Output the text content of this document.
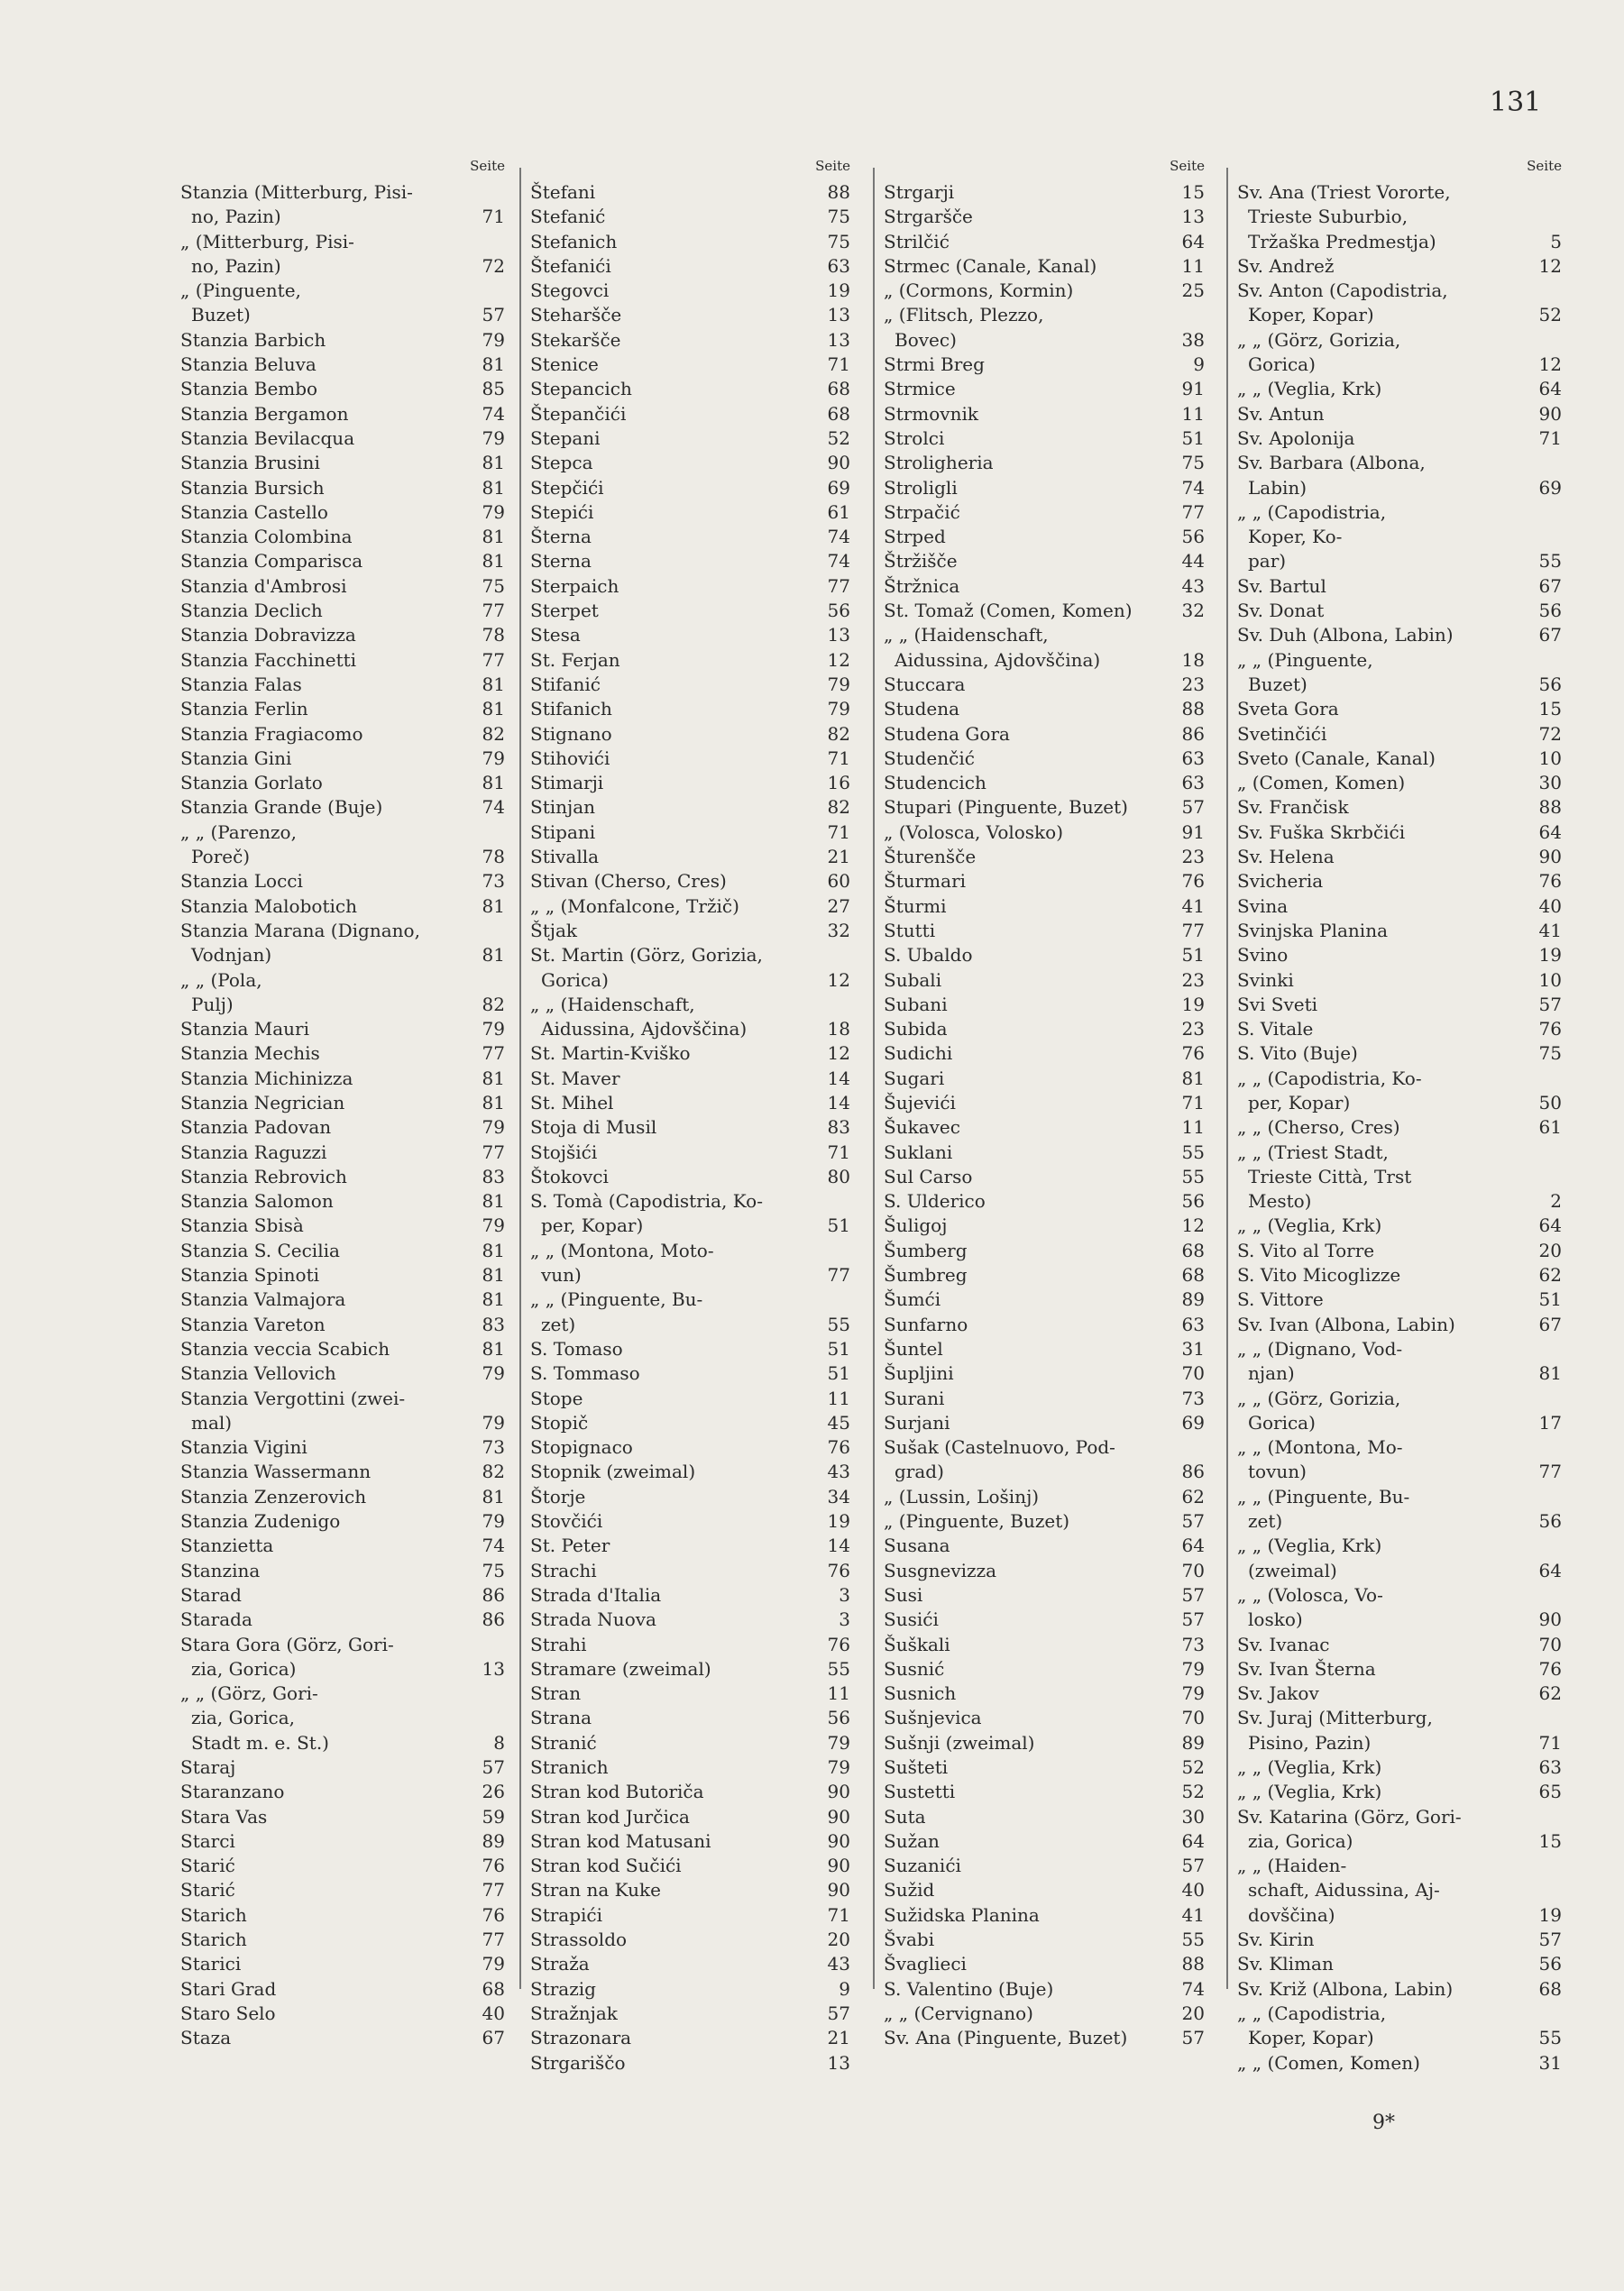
131
Seite
Stanzia (Mitterburg, Pisi-
no, Pazin)	71
„ (Mitterburg, Pisi-
no, Pazin)	72
„ (Pinguente,
Buzet)	57
Stanzia Barbich	79
Stanzia Beluva	81
Stanzia Bembo	85
Stanzia Bergamon	74
Stanzia Bevilacqua	79
Stanzia Brusini	81
Stanzia Bursich	81
Stanzia Castello	79
Stanzia Colombina	81
Stanzia Comparisca	81
Stanzia d'Ambrosi	75
Stanzia Declich	77
Stanzia Dobravizza	78
Stanzia Facchinetti	77
Stanzia Falas	81
Stanzia Ferlin	81
Stanzia Fragiacomo	82
Stanzia Gini	79
Stanzia Gorlato	81
Stanzia Grande (Buje)	74
„ „ (Parenzo,
Poreč)	78
Stanzia Locci	73
Stanzia Malobotich	81
Stanzia Marana (Dignano,
Vodnjan)	81
„ „ (Pola,
Pulj)	82
Stanzia Mauri	79
Stanzia Mechis	77
Stanzia Michinizza	81
Stanzia Negrician	81
Stanzia Padovan	79
Stanzia Raguzzi	77
Stanzia Rebrovich	83
Stanzia Salomon	81
Stanzia Sbisà	79
Stanzia S. Cecilia	81
Stanzia Spinoti	81
Stanzia Valmajora	81
Stanzia Vareton	83
Stanzia veccia Scabich	81
Stanzia Vellovich	79
Stanzia Vergottini (zwei-
mal)	79
Stanzia Vigini	73
Stanzia Wassermann	82
Stanzia Zenzerovich	81
Stanzia Zudenigo	79
Stanzietta	74
Stanzina	75
Starad	86
Starada	86
Stara Gora (Görz, Gori-
zia, Gorica)	13
„ „ (Görz, Gori-
zia, Gorica,
Stadt m. e. St.)	8
Staraj	57
Staranzano	26
Stara Vas	59
Starci	89
Starić	76
Starić	77
Starich	76
Starich	77
Starici	79
Stari Grad	68
Staro Selo	40
Staza	67
Seite
Štefani	88
Stefanić	75
Stefanich	75
Štefanići	63
Stegovci	19
Steharšče	13
Stekaršče	13
Stenice	71
Stepancich	68
Štepančići	68
Stepani	52
Stepca	90
Stepčići	69
Stepići	61
Šterna	74
Sterna	74
Sterpaich	77
Sterpet	56
Stesa	13
St. Ferjan	12
Stifanić	79
Stifanich	79
Stignano	82
Stihovići	71
Stimarji	16
Stinjan	82
Stipani	71
Stivalla	21
Stivan (Cherso, Cres)	60
„ „ (Monfalcone, Tržič)	27
Štjak	32
St. Martin (Görz, Gorizia,
Gorica)	12
„ „ (Haidenschaft,
Aidussina, Ajdovščina)	18
St. Martin-Kviško	12
St. Maver	14
St. Mihel	14
Stoja di Musil	83
Stojšići	71
Štokovci	80
S. Tomà (Capodistria, Ko-
per, Kopar)	51
„ „ (Montona, Moto-
vun)	77
„ „ (Pinguente, Bu-
zet)	55
S. Tomaso	51
S. Tommaso	51
Stope	11
Stopič	45
Stopignaco	76
Stopnik (zweimal)	43
Štorje	34
Stovčići	19
St. Peter	14
Strachi	76
Strada d'Italia	3
Strada Nuova	3
Strahi	76
Stramare (zweimal)	55
Stran	11
Strana	56
Stranić	79
Stranich	79
Stran kod Butoriča	90
Stran kod Jurčica	90
Stran kod Matusani	90
Stran kod Sučići	90
Stran na Kuke	90
Strapići	71
Strassoldo	20
Straža	43
Strazig	9
Stražnjak	57
Strazonara	21
Strgariščo	13
Seite
Strgarji	15
Strgaršče	13
Strilčić	64
Strmec (Canale, Kanal)	11
„ (Cormons, Kormin)	25
„ (Flitsch, Plezzo,
Bovec)	38
Strmi Breg	9
Strmice	91
Strmovnik	11
Strolci	51
Stroligheria	75
Stroligli	74
Strpačić	77
Strped	56
Štržišče	44
Štržnica	43
St. Tomaž (Comen, Komen)	32
„ „ (Haidenschaft,
Aidussina, Ajdovščina)	18
Stuccara	23
Studena	88
Studena Gora	86
Studenčić	63
Studencich	63
Stupari (Pinguente, Buzet)	57
„ (Volosca, Volosko)	91
Šturenšče	23
Šturmari	76
Šturmi	41
Stutti	77
S. Ubaldo	51
Subali	23
Subani	19
Subida	23
Sudichi	76
Sugari	81
Šujevići	71
Šukavec	11
Suklani	55
Sul Carso	55
S. Ulderico	56
Šuligoj	12
Šumberg	68
Šumbreg	68
Šumći	89
Sunfarno	63
Šuntel	31
Šupljini	70
Surani	73
Surjani	69
Sušak (Castelnuovo, Pod-
grad)	86
„ (Lussin, Lošinj)	62
„ (Pinguente, Buzet)	57
Susana	64
Susgnevizza	70
Susi	57
Susići	57
Šuškali	73
Susnić	79
Susnich	79
Sušnjevica	70
Sušnji (zweimal)	89
Sušteti	52
Sustetti	52
Suta	30
Sužan	64
Suzanići	57
Sužid	40
Sužidska Planina	41
Švabi	55
Švaglieci	88
S. Valentino (Buje)	74
„ „ (Cervignano)	20
Sv. Ana (Pinguente, Buzet)	57
Seite
Sv. Ana (Triest Vororte,
Trieste Suburbio,
Tržaška Predmestja)	5
Sv. Andrež	12
Sv. Anton (Capodistria,
Koper, Kopar)	52
„ „ (Görz, Gorizia,
Gorica)	12
„ „ (Veglia, Krk)	64
Sv. Antun	90
Sv. Apolonija	71
Sv. Barbara (Albona,
Labin)	69
„ „ (Capodistria,
Koper, Ko-
par)	55
Sv. Bartul	67
Sv. Donat	56
Sv. Duh (Albona, Labin)	67
„ „ (Pinguente,
Buzet)	56
Sveta Gora	15
Svetinčići	72
Sveto (Canale, Kanal)	10
„ (Comen, Komen)	30
Sv. Frančisk	88
Sv. Fuška Skrbčići	64
Sv. Helena	90
Svicheria	76
Svina	40
Svinjska Planina	41
Svino	19
Svinki	10
Svi Sveti	57
S. Vitale	76
S. Vito (Buje)	75
„ „ (Capodistria, Ko-
per, Kopar)	50
„ „ (Cherso, Cres)	61
„ „ (Triest Stadt,
Trieste Città, Trst
Mesto)	2
„ „ (Veglia, Krk)	64
S. Vito al Torre	20
S. Vito Micoglizze	62
S. Vittore	51
Sv. Ivan (Albona, Labin)	67
„ „ (Dignano, Vod-
njan)	81
„ „ (Görz, Gorizia,
Gorica)	17
„ „ (Montona, Mo-
tovun)	77
„ „ (Pinguente, Bu-
zet)	56
„ „ (Veglia, Krk)
(zweimal)	64
„ „ (Volosca, Vo-
losko)	90
Sv. Ivanac	70
Sv. Ivan Šterna	76
Sv. Jakov	62
Sv. Juraj (Mitterburg,
Pisino, Pazin)	71
„ „ (Veglia, Krk)	63
„ „ (Veglia, Krk)	65
Sv. Katarina (Görz, Gori-
zia, Gorica)	15
„ „ (Haiden-
schaft, Aidussina, Aj-
dovščina)	19
Sv. Kirin	57
Sv. Kliman	56
Sv. Križ (Albona, Labin)	68
„ „ (Capodistria,
Koper, Kopar)	55
„ „ (Comen, Komen)	31
9*
